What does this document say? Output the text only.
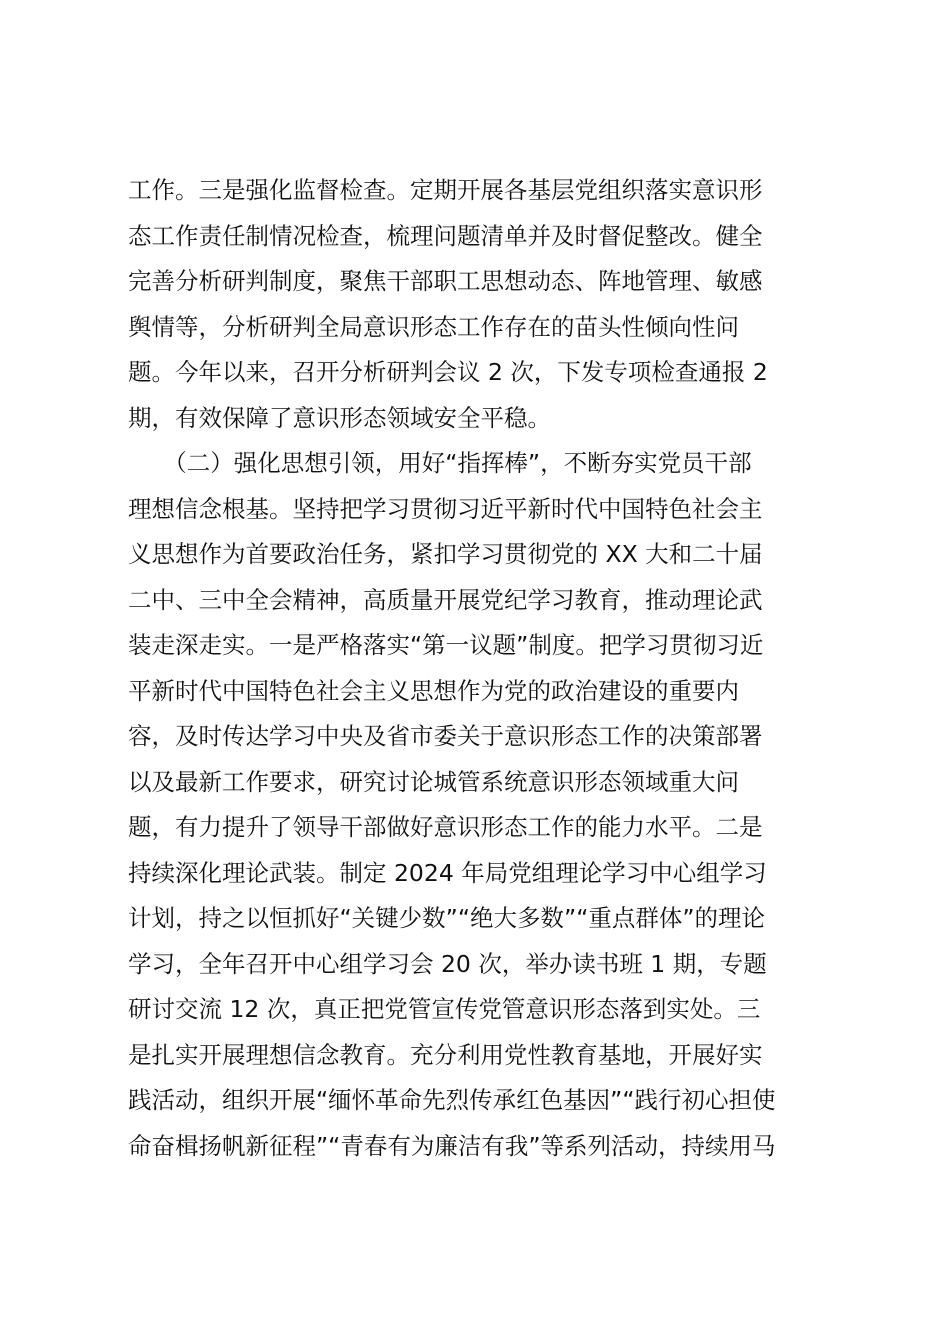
工作。三是强化监督检查。定期开展各基层党组织落实意识形
态工作责任制情况检查，梳理问题清单并及时督促整改。健全
完善分析研判制度，聚焦干部职工思想动态、阵地管理、敏感
舆情等，分析研判全局意识形态工作存在的苗头性倾向性问
题。今年以来，召开分析研判会议 2 次，下发专项检查通报 2
期，有效保障了意识形态领域安全平稳。
　　（二）强化思想引领，用好“指挥棒”，不断夯实党员干部
理想信念根基。坚持把学习贯彻习近平新时代中国特色社会主
义思想作为首要政治任务，紧扣学习贯彻党的 XX 大和二十届
二中、三中全会精神，高质量开展党纪学习教育，推动理论武
装走深走实。一是严格落实“第一议题”制度。把学习贯彻习近
平新时代中国特色社会主义思想作为党的政治建设的重要内
容，及时传达学习中央及省市委关于意识形态工作的决策部署
以及最新工作要求，研究讨论城管系统意识形态领域重大问
题，有力提升了领导干部做好意识形态工作的能力水平。二是
持续深化理论武装。制定 2024 年局党组理论学习中心组学习
计划，持之以恒抓好“关键少数”“绝大多数”“重点群体”的理论
学习，全年召开中心组学习会 20 次，举办读书班 1 期，专题
研讨交流 12 次，真正把党管宣传党管意识形态落到实处。三
是扎实开展理想信念教育。充分利用党性教育基地，开展好实
践活动，组织开展“缅怀革命先烈传承红色基因”“践行初心担使
命奋楫扬帆新征程”“青春有为廉洁有我”等系列活动，持续用马
